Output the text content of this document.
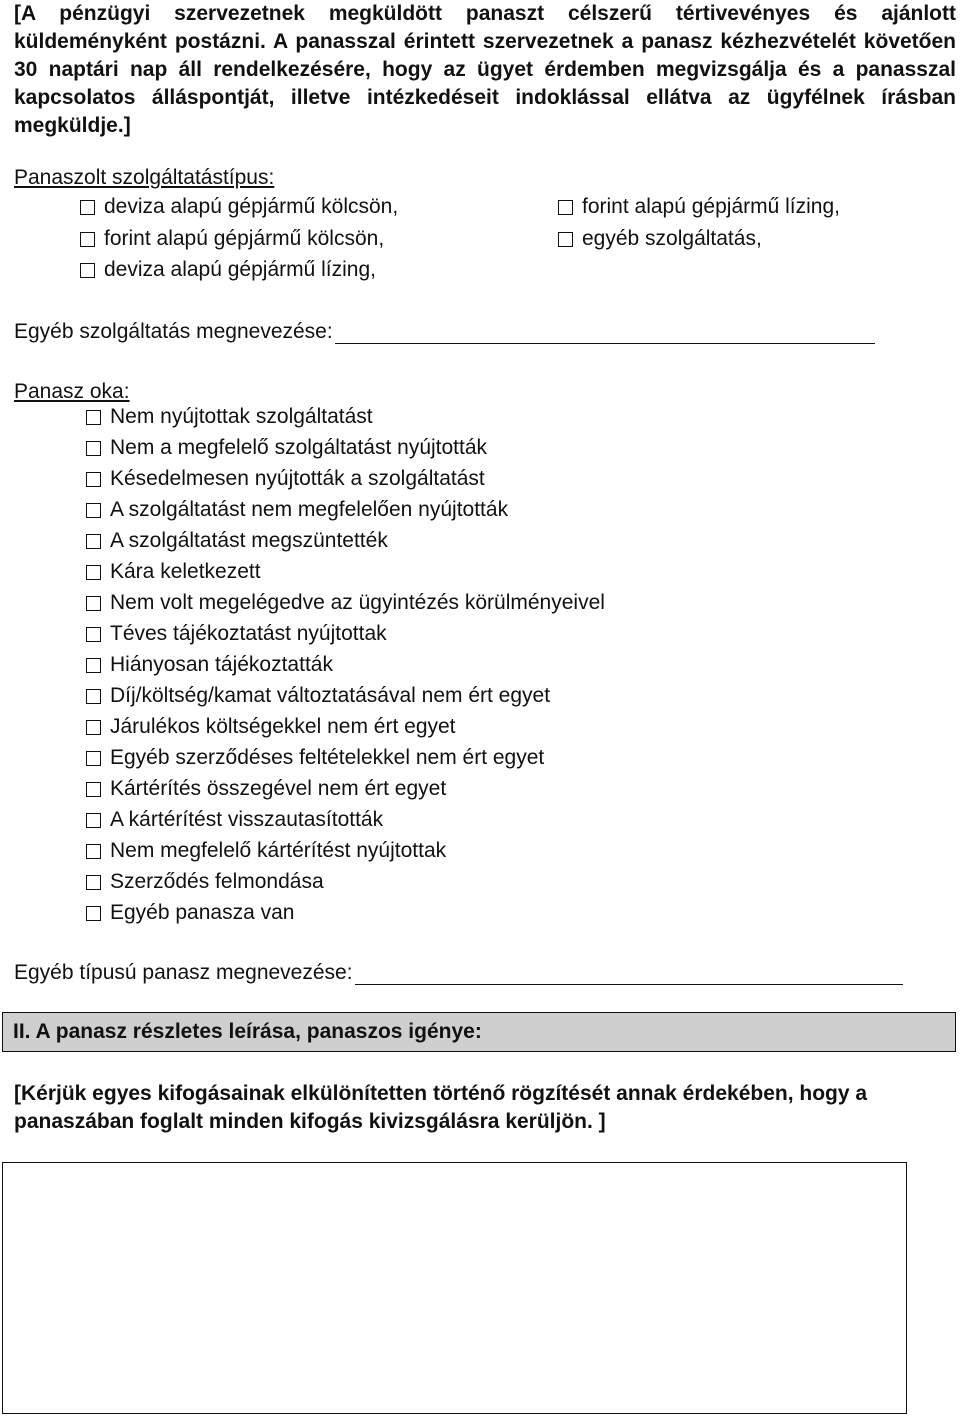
[A pénzügyi szervezetnek megküldött panaszt célszerű tértivevényes és ajánlott küldeményként postázni. A panasszal érintett szervezetnek a panasz kézhezvételét követően 30 naptári nap áll rendelkezésére, hogy az ügyet érdemben megvizsgálja és a panasszal kapcsolatos álláspontját, illetve intézkedéseit indoklással ellátva az ügyfélnek írásban megküldje.]

Panaszolt szolgáltatástípus:

deviza alapú gépjármű kölcsön,
forint alapú gépjármű kölcsön,
deviza alapú gépjármű lízing,
forint alapú gépjármű lízing,
egyéb szolgáltatás,
Egyéb szolgáltatás megnevezése:

Panasz oka:

Nem nyújtottak szolgáltatást
Nem a megfelelő szolgáltatást nyújtották
Késedelmesen nyújtották a szolgáltatást
A szolgáltatást nem megfelelően nyújtották
A szolgáltatást megszüntették
Kára keletkezett
Nem volt megelégedve az ügyintézés körülményeivel
Téves tájékoztatást nyújtottak
Hiányosan tájékoztatták
Díj/költség/kamat változtatásával nem ért egyet
Járulékos költségekkel nem ért egyet
Egyéb szerződéses feltételekkel nem ért egyet
Kártérítés összegével nem ért egyet
A kártérítést visszautasították
Nem megfelelő kártérítést nyújtottak
Szerződés felmondása
Egyéb panasza van
Egyéb típusú panasz megnevezése:
II. A panasz részletes leírása, panaszos igénye:

[Kérjük egyes kifogásainak elkülönítetten történő rögzítését annak érdekében, hogy a panaszában foglalt minden kifogás kivizsgálásra kerüljön. ]
